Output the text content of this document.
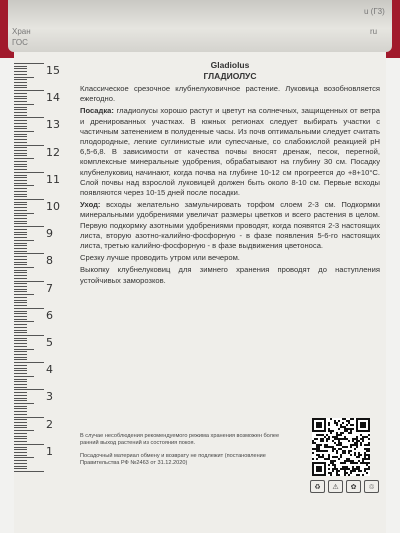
Хран
ГОС
u (Г3)
ru
15
14
13
12
11
10
9
8
7
6
5
4
3
2
1
Gladiolus
ГЛАДИОЛУС

Классическое срезочное клубнелуковичное растение. Луковица возобновляется ежегодно.

Посадка: гладиолусы хорошо растут и цветут на солнечных, защищенных от ветра и дренированных участках. В южных регионах следует выбирать участки с частичным затенением в полуденные часы. Из почв оптимальными следует считать плодородные, легкие суглинистые или супесчаные, со слабокислой реакцией рН 6,5-6,8. В зависимости от качества почвы вносят дренаж, песок, перегной, комплексные минеральные удобрения, обрабатывают на глубину 30 см. Посадку клубнелуковиц начинают, когда почва на глубине 10-12 см прогреется до +8+10°C. Слой почвы над взрослой луковицей должен быть около 8-10 см. Первые всходы появляются через 10-15 дней после посадки.

Уход: всходы желательно замульчировать торфом слоем 2-3 см. Подкормки минеральными удобрениями увеличат размеры цветков и всего растения в целом. Первую подкормку азотными удобрениями проводят, когда появятся 2-3 настоящих листа, вторую азотно-калийно-фосфорную - в фазе появления 5-6-го настоящих листа, третью калийно-фосфорную - в фазе выдвижения цветоноса.

Срезку лучше проводить утром или вечером.

Выкопку клубнелуковиц для зимнего хранения проводят до наступления устойчивых заморозков.

В случае несоблюдения рекомендуемого режима хранения возможен более ранний выход растений из состояния покоя.

Посадочный материал обмену и возврату не подлежит (постановление Правительства РФ №2463 от 31.12.2020)

♻	⚠	✿	♲
